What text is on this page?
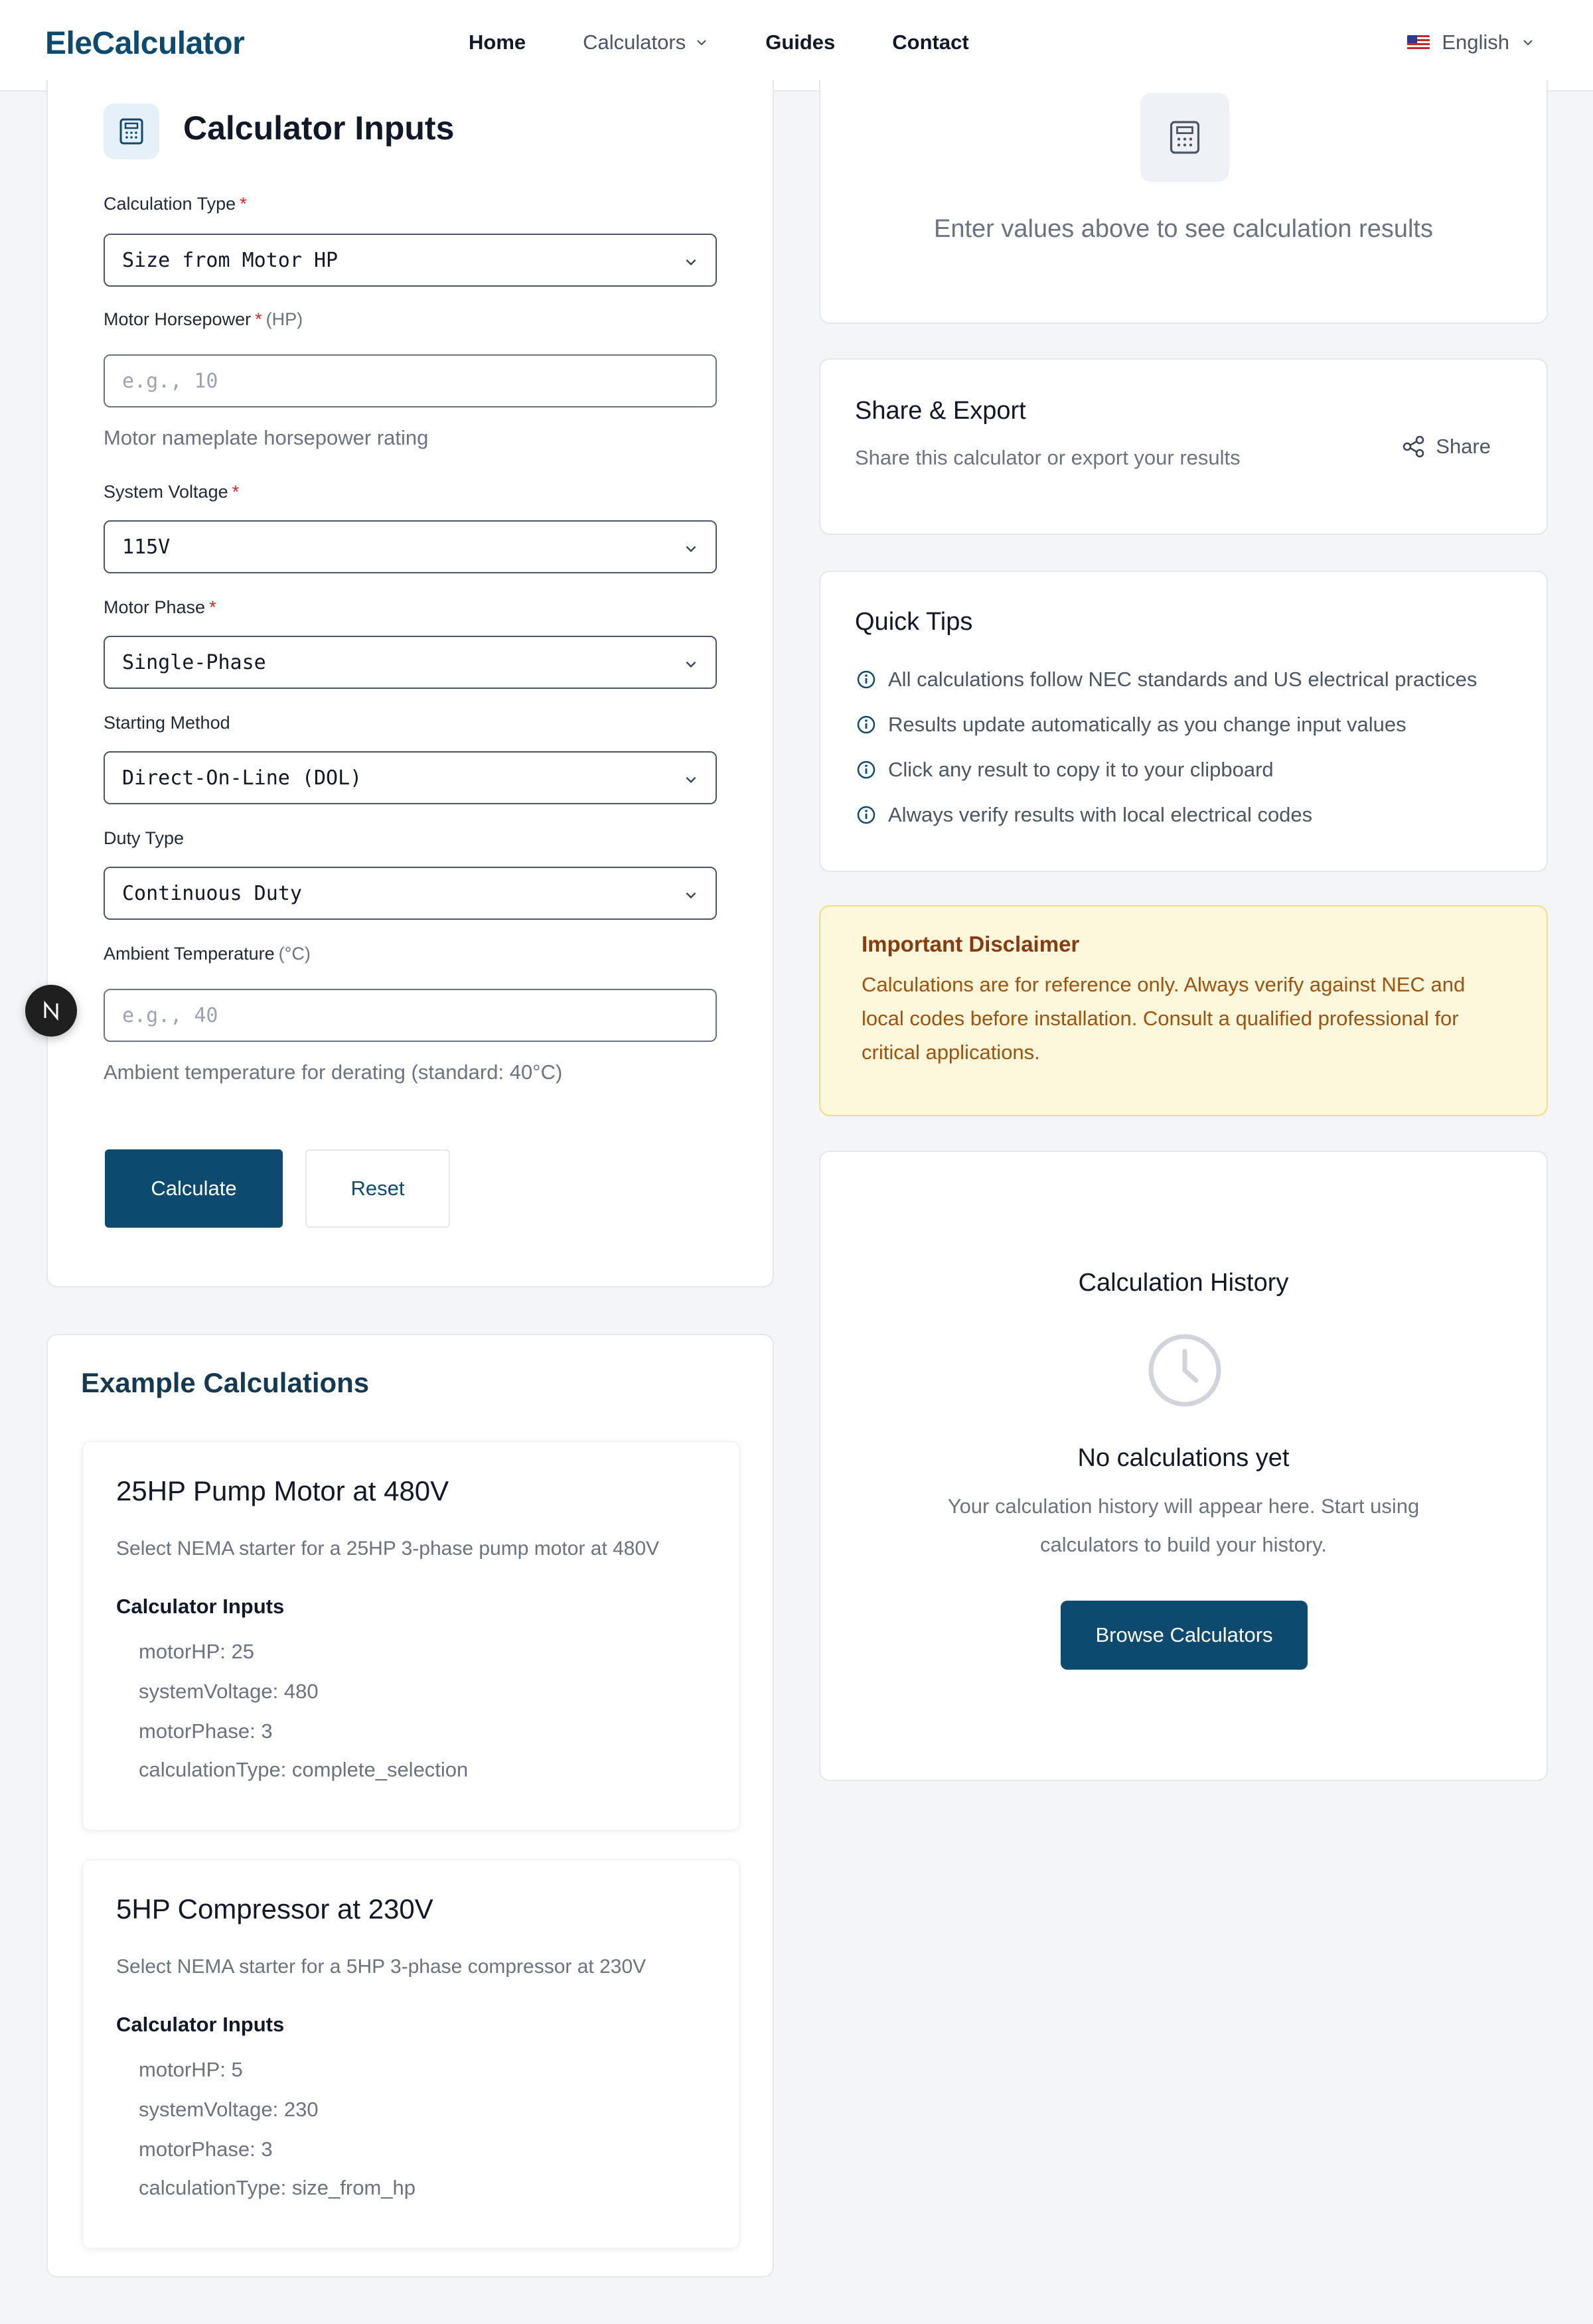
EleCalculator	Home	Calculators	Guides	Contact	English
Calculator Inputs
Calculation Type *
Size from Motor HP
Motor Horsepower * (HP)
e.g., 10
Motor nameplate horsepower rating
System Voltage *
115V
Motor Phase *
Single-Phase
Starting Method
Direct-On-Line (DOL)
Duty Type
Continuous Duty
Ambient Temperature (°C)
e.g., 40
Ambient temperature for derating (standard: 40°C)
Calculate	Reset
Example Calculations
25HP Pump Motor at 480V
Select NEMA starter for a 25HP 3-phase pump motor at 480V
Calculator Inputs
motorHP: 25
systemVoltage: 480
motorPhase: 3
calculationType: complete_selection
5HP Compressor at 230V
Select NEMA starter for a 5HP 3-phase compressor at 230V
Calculator Inputs
motorHP: 5
systemVoltage: 230
motorPhase: 3
calculationType: size_from_hp
Enter values above to see calculation results
Share & Export
Share this calculator or export your results	Share
Quick Tips
All calculations follow NEC standards and US electrical practices
Results update automatically as you change input values
Click any result to copy it to your clipboard
Always verify results with local electrical codes
Important Disclaimer
Calculations are for reference only. Always verify against NEC and local codes before installation. Consult a qualified professional for critical applications.
Calculation History
No calculations yet
Your calculation history will appear here. Start using
calculators to build your history.
Browse Calculators
